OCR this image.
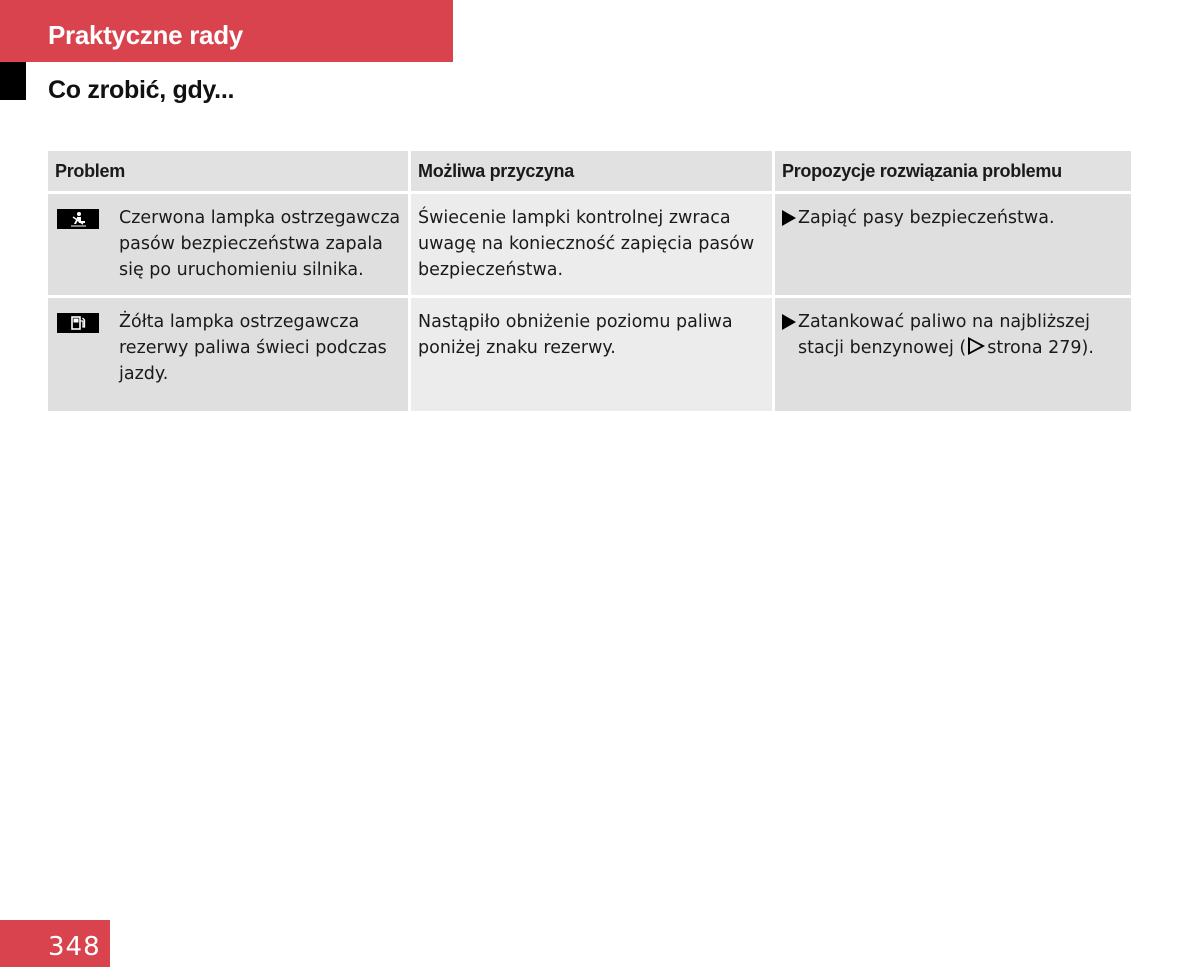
Praktyczne rady
Co zrobić, gdy...
Problem	Możliwa przyczyna	Propozycje rozwiązania problemu

Czerwona lampka ostrzegawcza pasów bezpieczeństwa zapala się po uruchomieniu silnika.	Świecenie lampki kontrolnej zwraca uwagę na konieczność zapięcia pasów bezpieczeństwa.	Zapiąć pasy bezpieczeństwa.

Żółta lampka ostrzegawcza rezerwy paliwa świeci podczas jazdy.	Nastąpiło obniżenie poziomu paliwa poniżej znaku rezerwy.	Zatankować paliwo na najbliższej stacji benzynowej ( strona 279).
348
